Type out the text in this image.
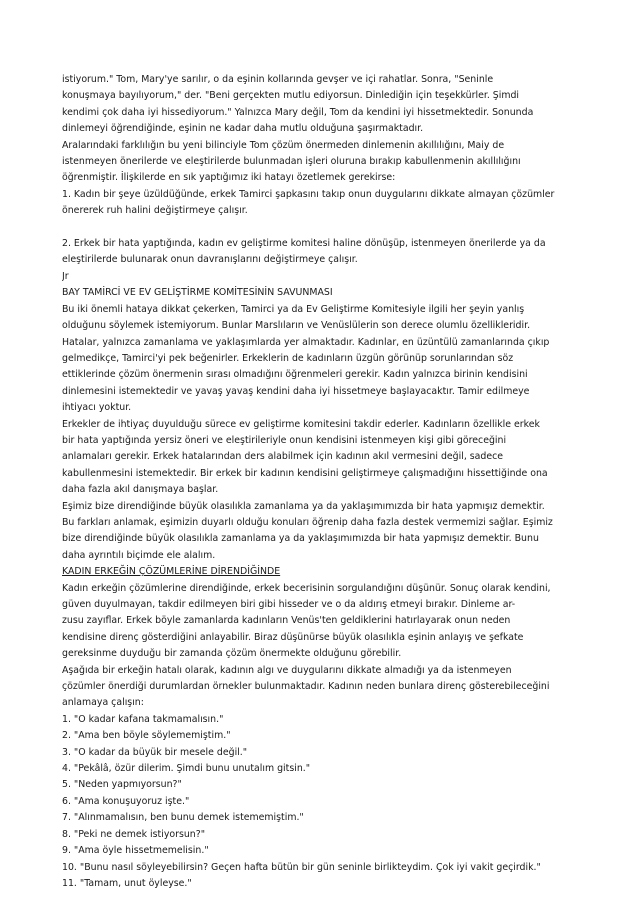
istiyorum." Tom, Mary'ye sarılır, o da eşinin kollarında gevşer ve içi rahatlar. Sonra, "Seninle
konuşmaya bayılıyorum," der. "Beni gerçekten mutlu ediyorsun. Dinlediğin için teşekkürler. Şimdi
kendimi çok daha iyi hissediyorum." Yalnızca Mary değil, Tom da kendini iyi hissetmektedir. Sonunda
dinlemeyi öğrendiğinde, eşinin ne kadar daha mutlu olduğuna şaşırmaktadır.
Aralarındaki farklılığın bu yeni bilinciyle Tom çözüm önermeden dinlemenin akıllılığını, Maiy de
istenmeyen önerilerde ve eleştirilerde bulunmadan işleri oluruna bırakıp kabullenmenin akıllılığını
öğrenmiştir. İlişkilerde en sık yaptığımız iki hatayı özetlemek gerekirse:
1. Kadın bir şeye üzüldüğünde, erkek Tamirci şapkasını takıp onun duygularını dikkate almayan çözümler
önererek ruh halini değiştirmeye çalışır.
2. Erkek bir hata yaptığında, kadın ev geliştirme komitesi haline dönüşüp, istenmeyen önerilerde ya da
eleştirilerde bulunarak onun davranışlarını değiştirmeye çalışır.
Jr
BAY TAMİRCİ VE EV GELİŞTİRME KOMİTESİNİN SAVUNMASI
Bu iki önemli hataya dikkat çekerken, Tamirci ya da Ev Geliştirme Komitesiyle ilgili her şeyin yanlış
olduğunu söylemek istemiyorum. Bunlar Marslıların ve Venüslülerin son derece olumlu özellikleridir.
Hatalar, yalnızca zamanlama ve yaklaşımlarda yer almaktadır. Kadınlar, en üzüntülü zamanlarında çıkıp
gelmedikçe, Tamirci'yi pek beğenirler. Erkeklerin de kadınların üzgün görünüp sorunlarından söz
ettiklerinde çözüm önermenin sırası olmadığını öğrenmeleri gerekir. Kadın yalnızca birinin kendisini
dinlemesini istemektedir ve yavaş yavaş kendini daha iyi hissetmeye başlayacaktır. Tamir edilmeye
ihtiyacı yoktur.
Erkekler de ihtiyaç duyulduğu sürece ev geliştirme komitesini takdir ederler. Kadınların özellikle erkek
bir hata yaptığında yersiz öneri ve eleştirileriyle onun kendisini istenmeyen kişi gibi göreceğini
anlamaları gerekir. Erkek hatalarından ders alabilmek için kadının akıl vermesini değil, sadece
kabullenmesini istemektedir. Bir erkek bir kadının kendisini geliştirmeye çalışmadığını hissettiğinde ona
daha fazla akıl danışmaya başlar.
Eşimiz bize direndiğinde büyük olasılıkla zamanlama ya da yaklaşımımızda bir hata yapmışız demektir.
Bu farkları anlamak, eşimizin duyarlı olduğu konuları öğrenip daha fazla destek vermemizi sağlar. Eşimiz
bize direndiğinde büyük olasılıkla zamanlama ya da yaklaşımımızda bir hata yapmışız demektir. Bunu
daha ayrıntılı biçimde ele alalım.
KADIN ERKEĞİN ÇÖZÜMLERİNE DİRENDİĞİNDE
Kadın erkeğin çözümlerine direndiğinde, erkek becerisinin sorgulandığını düşünür. Sonuç olarak kendini,
güven duyulmayan, takdir edilmeyen biri gibi hisseder ve o da aldırış etmeyi bırakır. Dinleme ar-
zusu zayıflar. Erkek böyle zamanlarda kadınların Venüs'ten geldiklerini hatırlayarak onun neden
kendisine direnç gösterdiğini anlayabilir. Biraz düşünürse büyük olasılıkla eşinin anlayış ve şefkate
gereksinme duyduğu bir zamanda çözüm önermekte olduğunu görebilir.
Aşağıda bir erkeğin hatalı olarak, kadının algı ve duygularını dikkate almadığı ya da istenmeyen
çözümler önerdiği durumlardan örnekler bulunmaktadır. Kadının neden bunlara direnç gösterebileceğini
anlamaya çalışın:
1. "O kadar kafana takmamalısın."
2. "Ama ben böyle söylememiştim."
3. "O kadar da büyük bir mesele değil."
4. "Pekâlâ, özür dilerim. Şimdi bunu unutalım gitsin."
5. "Neden yapmıyorsun?"
6. "Ama konuşuyoruz işte."
7. "Alınmamalısın, ben bunu demek istememiştim."
8. "Peki ne demek istiyorsun?"
9. "Ama öyle hissetmemelisin."
10. "Bunu nasıl söyleyebilirsin? Geçen hafta bütün bir gün seninle birlikteydim. Çok iyi vakit geçirdik."
11. "Tamam, unut öyleyse."
